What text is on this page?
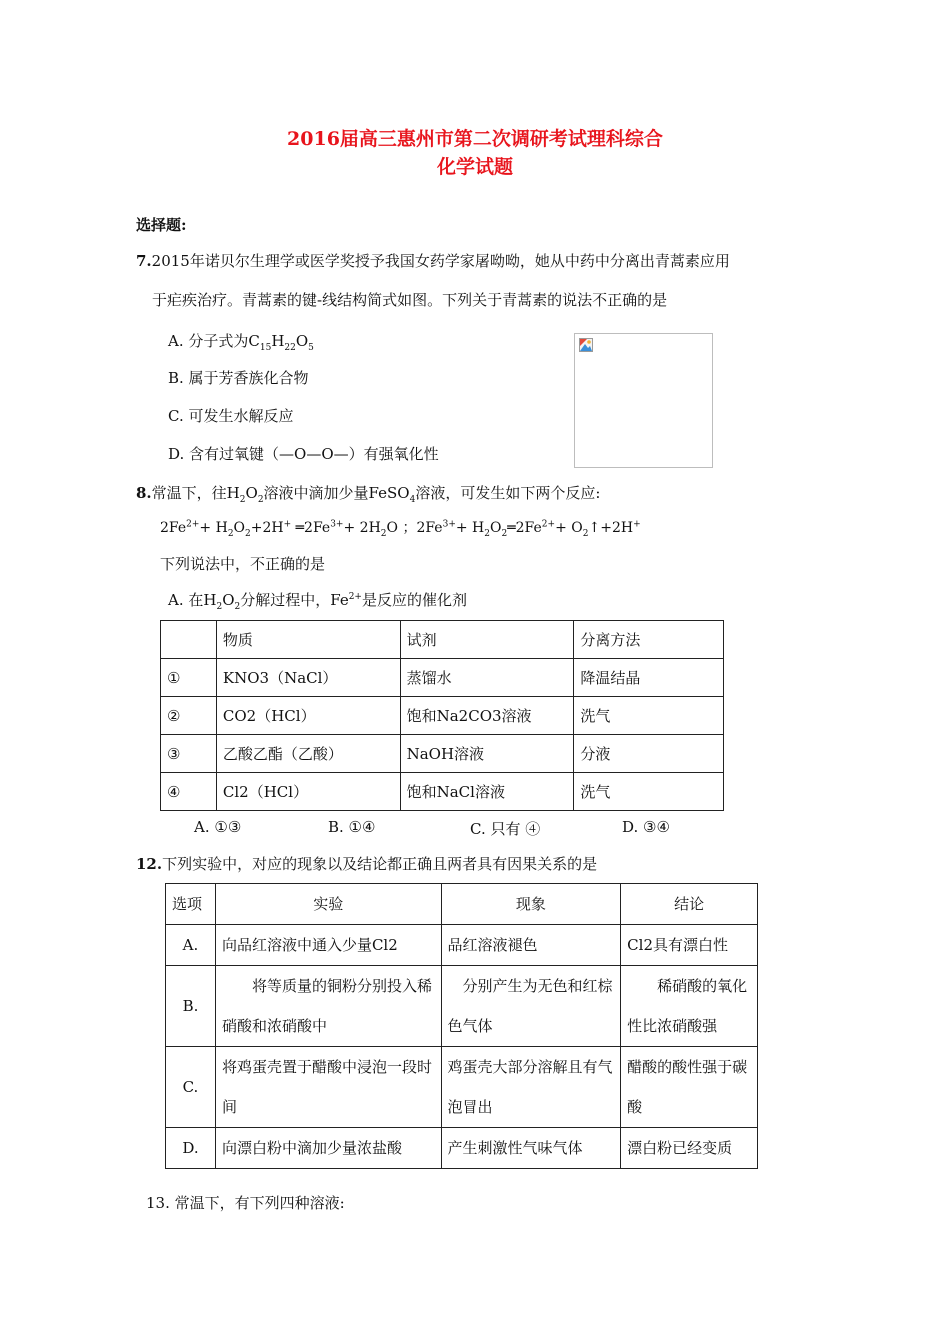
2016届高三惠州市第二次调研考试理科综合
化学试题
选择题:
7.2015年诺贝尔生理学或医学奖授予我国女药学家屠呦呦，她从中药中分离出青蒿素应用
于疟疾治疗。青蒿素的键-线结构简式如图。下列关于青蒿素的说法不正确的是
A. 分子式为$C_{15}H_{22}O_5$
B. 属于芳香族化合物
C. 可发生水解反应
D. 含有过氧键（—O—O—）有强氧化性
8.常温下，往$H_2O_2$溶液中滴加少量FeSO$_4$溶液，可发生如下两个反应:
$2Fe^{2+}+ H_2O_2+2H^+$ $═2Fe^{3+}+ 2H_2O$ ；$2Fe^{3+}+$ $H_2O_2═2Fe^{2+}+$ $O_2↑+2H^+$
下列说法中，不正确的是
A. 在$H_2O_2$分解过程中，$Fe^{2+}$是反应的催化剂
	物质	试剂	分离方法
①	KNO3（NaCl）	蒸馏水	降温结晶
②	CO2（HCl）	饱和Na2CO3溶液	洗气
③	乙酸乙酯（乙酸）	NaOH溶液	分液
④	Cl2（HCl）	饱和NaCl溶液	洗气
A. ①③	B. ①④	C. 只有 ④	D. ③④
12.下列实验中，对应的现象以及结论都正确且两者具有因果关系的是
选项	实验	现象	结论
A.	向品红溶液中通入少量Cl2	品红溶液褪色	Cl2具有漂白性
B.	将等质量的铜粉分别投入稀硝酸和浓硝酸中	分别产生为无色和红棕色气体	稀硝酸的氧化性比浓硝酸强
C.	将鸡蛋壳置于醋酸中浸泡一段时间	鸡蛋壳大部分溶解且有气泡冒出	醋酸的酸性强于碳酸
D.	向漂白粉中滴加少量浓盐酸	产生刺激性气味气体	漂白粉已经变质
13. 常温下，有下列四种溶液:
